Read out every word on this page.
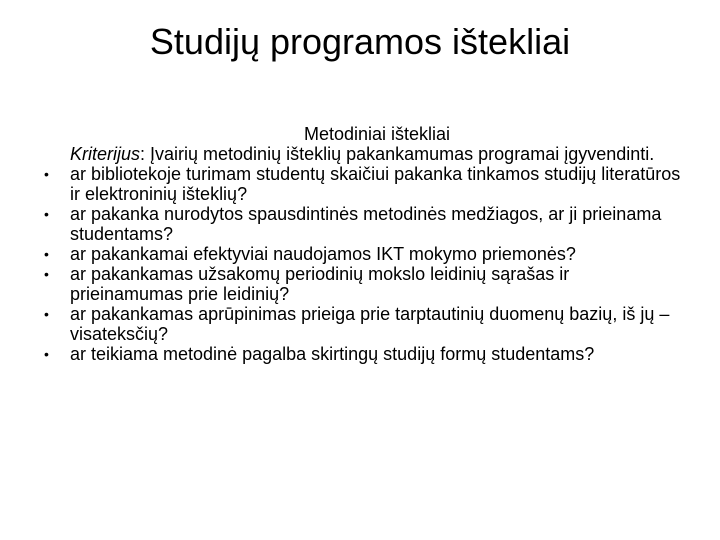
Studijų programos ištekliai
Metodiniai ištekliai
Kriterijus: Įvairių metodinių išteklių pakankamumas programai įgyvendinti.
•	ar bibliotekoje turimam studentų skaičiui pakanka tinkamos studijų literatūros ir elektroninių išteklių?
•	ar pakanka nurodytos spausdintinės metodinės medžiagos, ar ji prieinama studentams?
•	ar pakankamai efektyviai naudojamos IKT mokymo priemonės?
•	ar pakankamas užsakomų periodinių mokslo leidinių sąrašas ir prieinamumas prie leidinių?
•	ar pakankamas aprūpinimas prieiga prie tarptautinių duomenų bazių, iš jų – visateksčių?
•	ar teikiama metodinė pagalba skirtingų studijų formų studentams?
